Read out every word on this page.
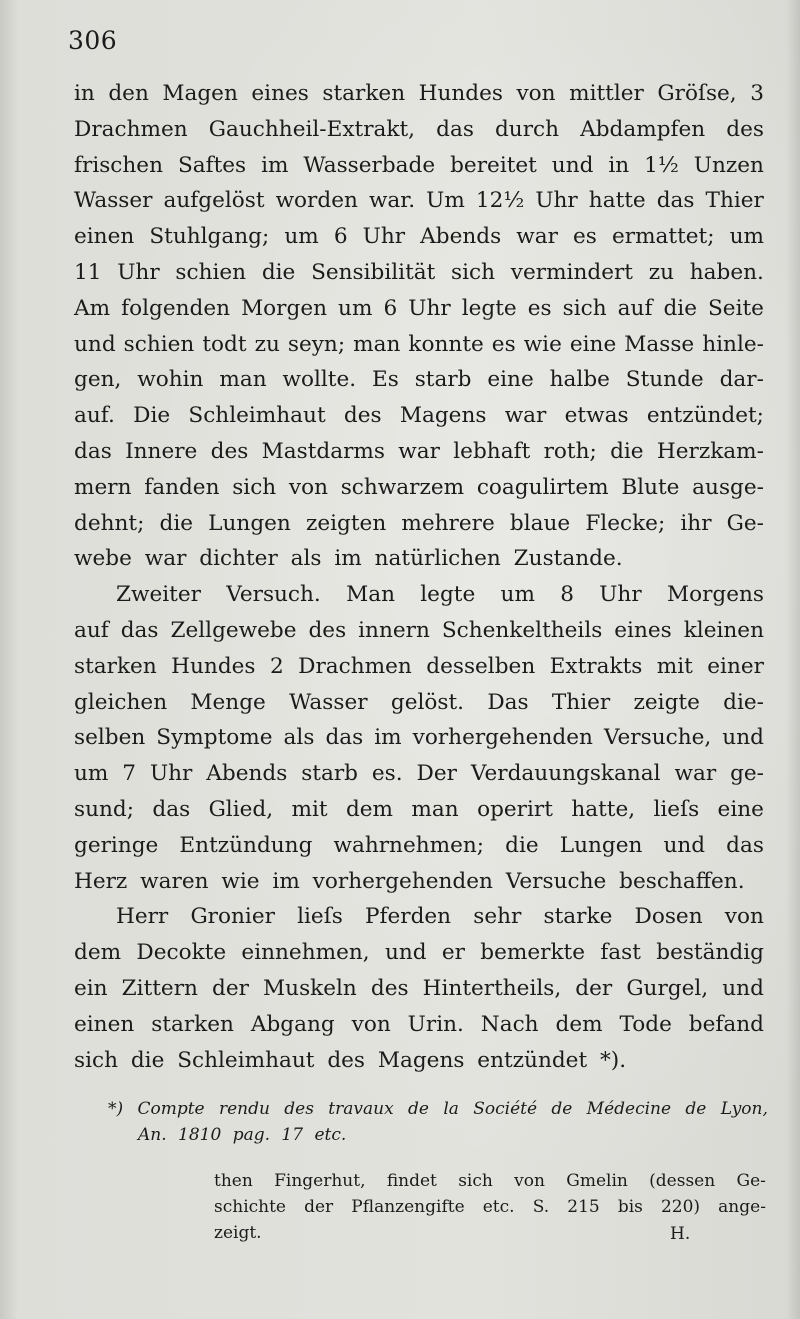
306
in den Magen eines starken Hundes von mittler Gröſse, 3
Drachmen Gauchheil-Extrakt, das durch Abdampfen des
frischen Saftes im Wasserbade bereitet und in 1½ Unzen
Wasser aufgelöst worden war. Um 12½ Uhr hatte das Thier
einen Stuhlgang; um 6 Uhr Abends war es ermattet; um
11 Uhr schien die Sensibilität sich vermindert zu haben.
Am folgenden Morgen um 6 Uhr legte es sich auf die Seite
und schien todt zu seyn; man konnte es wie eine Masse hinle-
gen, wohin man wollte. Es starb eine halbe Stunde dar-
auf. Die Schleimhaut des Magens war etwas entzündet;
das Innere des Mastdarms war lebhaft roth; die Herzkam-
mern fanden sich von schwarzem coagulirtem Blute ausge-
dehnt; die Lungen zeigten mehrere blaue Flecke; ihr Ge-
webe war dichter als im natürlichen Zustande.
Zweiter Versuch. Man legte um 8 Uhr Morgens
auf das Zellgewebe des innern Schenkeltheils eines kleinen
starken Hundes 2 Drachmen desselben Extrakts mit einer
gleichen Menge Wasser gelöst. Das Thier zeigte die-
selben Symptome als das im vorhergehenden Versuche, und
um 7 Uhr Abends starb es. Der Verdauungskanal war ge-
sund; das Glied, mit dem man operirt hatte, lieſs eine
geringe Entzündung wahrnehmen; die Lungen und das
Herz waren wie im vorhergehenden Versuche beschaffen.
Herr Gronier lieſs Pferden sehr starke Dosen von
dem Decokte einnehmen, und er bemerkte fast beständig
ein Zittern der Muskeln des Hintertheils, der Gurgel, und
einen starken Abgang von Urin. Nach dem Tode befand
sich die Schleimhaut des Magens entzündet *).
*) Compte rendu des travaux de la Société de Médecine de Lyon,
An. 1810 pag. 17 etc.
then Fingerhut, findet sich von Gmelin (dessen Ge-
schichte der Pflanzengifte etc. S. 215 bis 220) ange-
zeigt.	H.
